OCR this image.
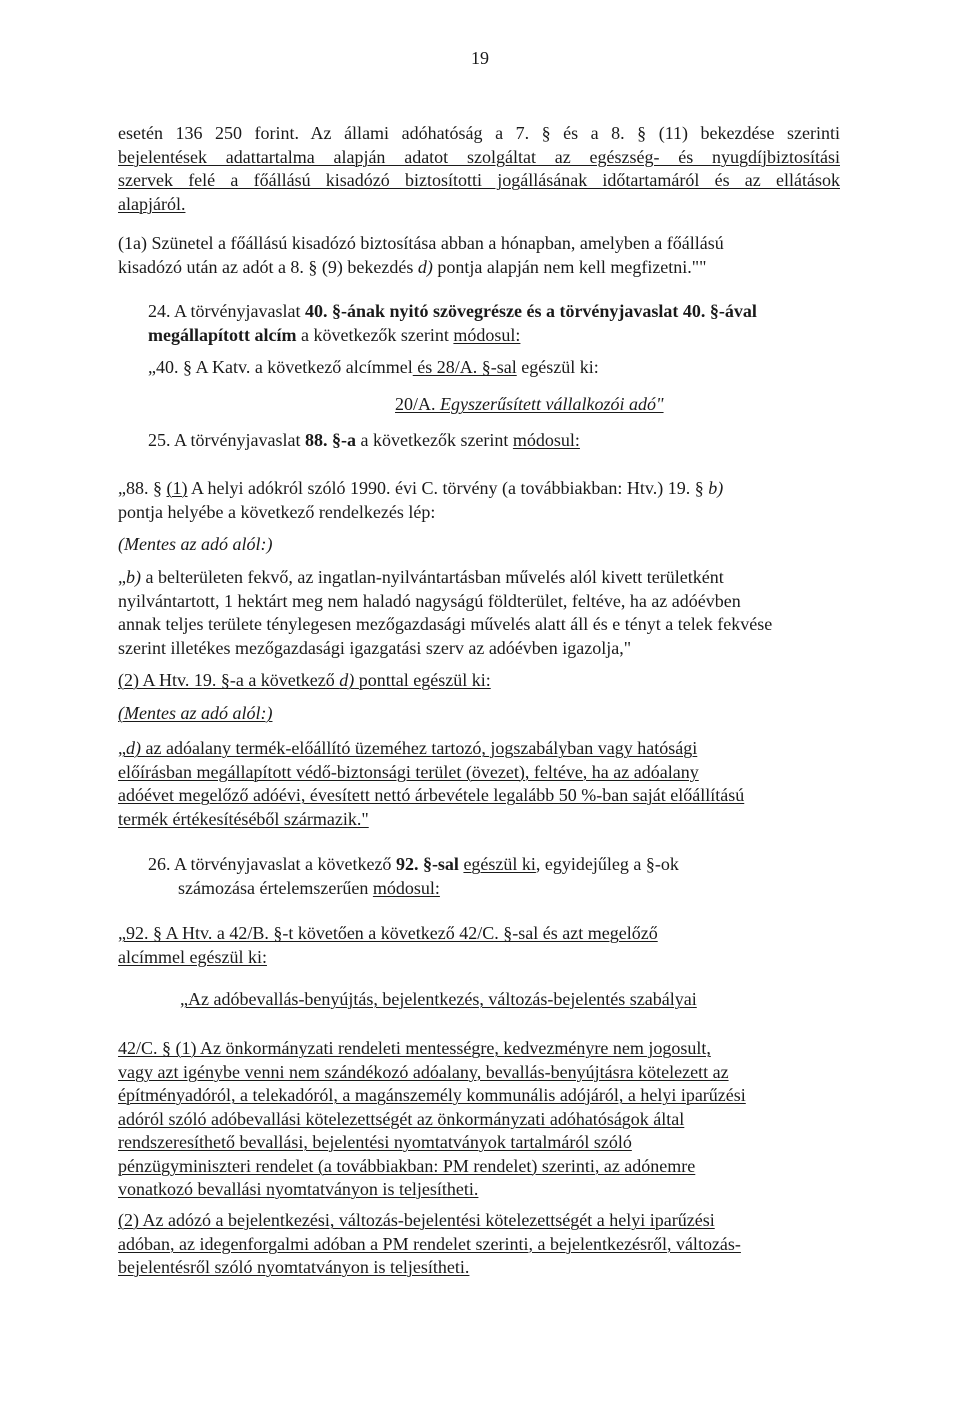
19
esetén 136 250 forint. Az állami adóhatóság a 7. § és a 8. § (11) bekezdése szerinti
bejelentések adattartalma alapján adatot szolgáltat az egészség- és nyugdíjbiztosítási
szervek felé a főállású kisadózó biztosítotti jogállásának időtartamáról és az ellátások
alapjáról.
(1a) Szünetel a főállású kisadózó biztosítása abban a hónapban, amelyben a főállású
kisadózó után az adót a 8. § (9) bekezdés d) pontja alapján nem kell megfizetni.""
24. A törvényjavaslat 40. §-ának nyitó szövegrésze és a törvényjavaslat 40. §-ával
megállapított alcím a következők szerint módosul:
„40. § A Katv. a következő alcímmel és 28/A. §-sal egészül ki:
20/A. Egyszerűsített vállalkozói adó"
25. A törvényjavaslat 88. §-a a következők szerint módosul:
„88. § (1) A helyi adókról szóló 1990. évi C. törvény (a továbbiakban: Htv.) 19. § b)
pontja helyébe a következő rendelkezés lép:
(Mentes az adó alól:)
„b) a belterületen fekvő, az ingatlan-nyilvántartásban művelés alól kivett területként
nyilvántartott, 1 hektárt meg nem haladó nagyságú földterület, feltéve, ha az adóévben
annak teljes területe ténylegesen mezőgazdasági művelés alatt áll és e tényt a telek fekvése
szerint illetékes mezőgazdasági igazgatási szerv az adóévben igazolja,"
(2) A Htv. 19. §-a a következő d) ponttal egészül ki:
(Mentes az adó alól:)
„d) az adóalany termék-előállító üzeméhez tartozó, jogszabályban vagy hatósági
előírásban megállapított védő-biztonsági terület (övezet), feltéve, ha az adóalany
adóévet megelőző adóévi, évesített nettó árbevétele legalább 50 %-ban saját előállítású
termék értékesítéséből származik."
26. A törvényjavaslat a következő 92. §-sal egészül ki, egyidejűleg a §-ok
számozása értelemszerűen módosul:
„92. § A Htv. a 42/B. §-t követően a következő 42/C. §-sal és azt megelőző
alcímmel egészül ki:
„Az adóbevallás-benyújtás, bejelentkezés, változás-bejelentés szabályai
42/C. § (1) Az önkormányzati rendeleti mentességre, kedvezményre nem jogosult,
vagy azt igénybe venni nem szándékozó adóalany, bevallás-benyújtásra kötelezett az
építményadóról, a telekadóról, a magánszemély kommunális adójáról, a helyi iparűzési
adóról szóló adóbevallási kötelezettségét az önkormányzati adóhatóságok által
rendszeresíthető bevallási, bejelentési nyomtatványok tartalmáról szóló
pénzügyminiszteri rendelet (a továbbiakban: PM rendelet) szerinti, az adónemre
vonatkozó bevallási nyomtatványon is teljesítheti.
(2) Az adózó a bejelentkezési, változás-bejelentési kötelezettségét a helyi iparűzési
adóban, az idegenforgalmi adóban a PM rendelet szerinti, a bejelentkezésről, változás-
bejelentésről szóló nyomtatványon is teljesítheti.
